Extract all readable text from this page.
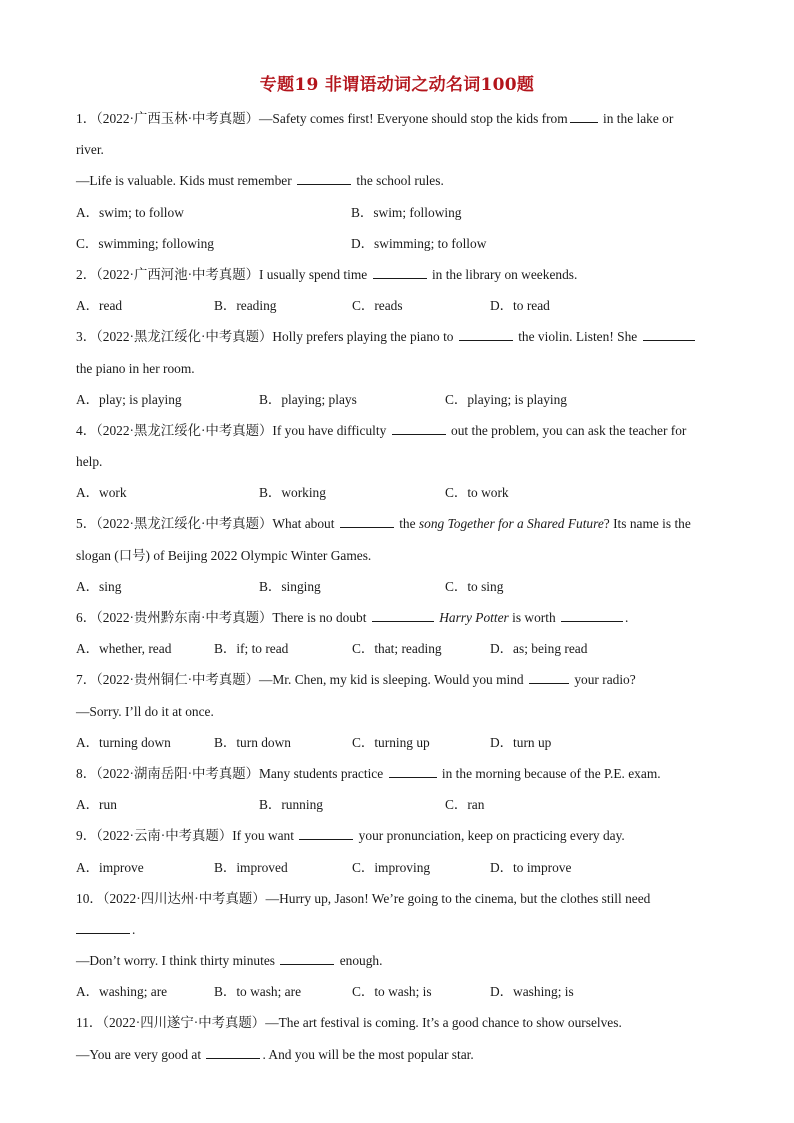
专题19 非谓语动词之动名词100题
1．（2022·广西玉林·中考真题）—Safety comes first! Everyone should stop the kids from	in the lake or
river.
—Life is valuable. Kids must remember	the school rules.
A．swim; to follow	B．swim; following
C．swimming; following	D．swimming; to follow
2．（2022·广西河池·中考真题）I usually spend time	in the library on weekends.
A．read	B．reading	C．reads	D．to read
3．（2022·黑龙江绥化·中考真题）Holly prefers playing the piano to	the violin. Listen! She
the piano in her room.
A．play; is playing	B．playing; plays	C．playing; is playing
4．（2022·黑龙江绥化·中考真题）If you have difficulty	out the problem, you can ask the teacher for
help.
A．work	B．working	C．to work
5．（2022·黑龙江绥化·中考真题）What about	the song Together for a Shared Future? Its name is the
slogan (口号) of Beijing 2022 Olympic Winter Games.
A．sing	B．singing	C．to sing
6．（2022·贵州黔东南·中考真题）There is no doubt	Harry Potter is worth	.
A．whether, read	B．if; to read	C．that; reading	D．as; being read
7．（2022·贵州铜仁·中考真题）—Mr. Chen, my kid is sleeping. Would you mind	your radio?
—Sorry. I’ll do it at once.
A．turning down	B．turn down	C．turning up	D．turn up
8．（2022·湖南岳阳·中考真题）Many students practice	in the morning because of the P.E. exam.
A．run	B．running	C．ran
9．（2022·云南·中考真题）If you want	your pronunciation, keep on practicing every day.
A．improve	B．improved	C．improving	D．to improve
10．（2022·四川达州·中考真题）—Hurry up, Jason! We’re going to the cinema, but the clothes still need
.
—Don’t worry. I think thirty minutes	enough.
A．washing; are	B．to wash; are	C．to wash; is	D．washing; is
11．（2022·四川遂宁·中考真题）—The art festival is coming. It’s a good chance to show ourselves.
—You are very good at	. And you will be the most popular star.
